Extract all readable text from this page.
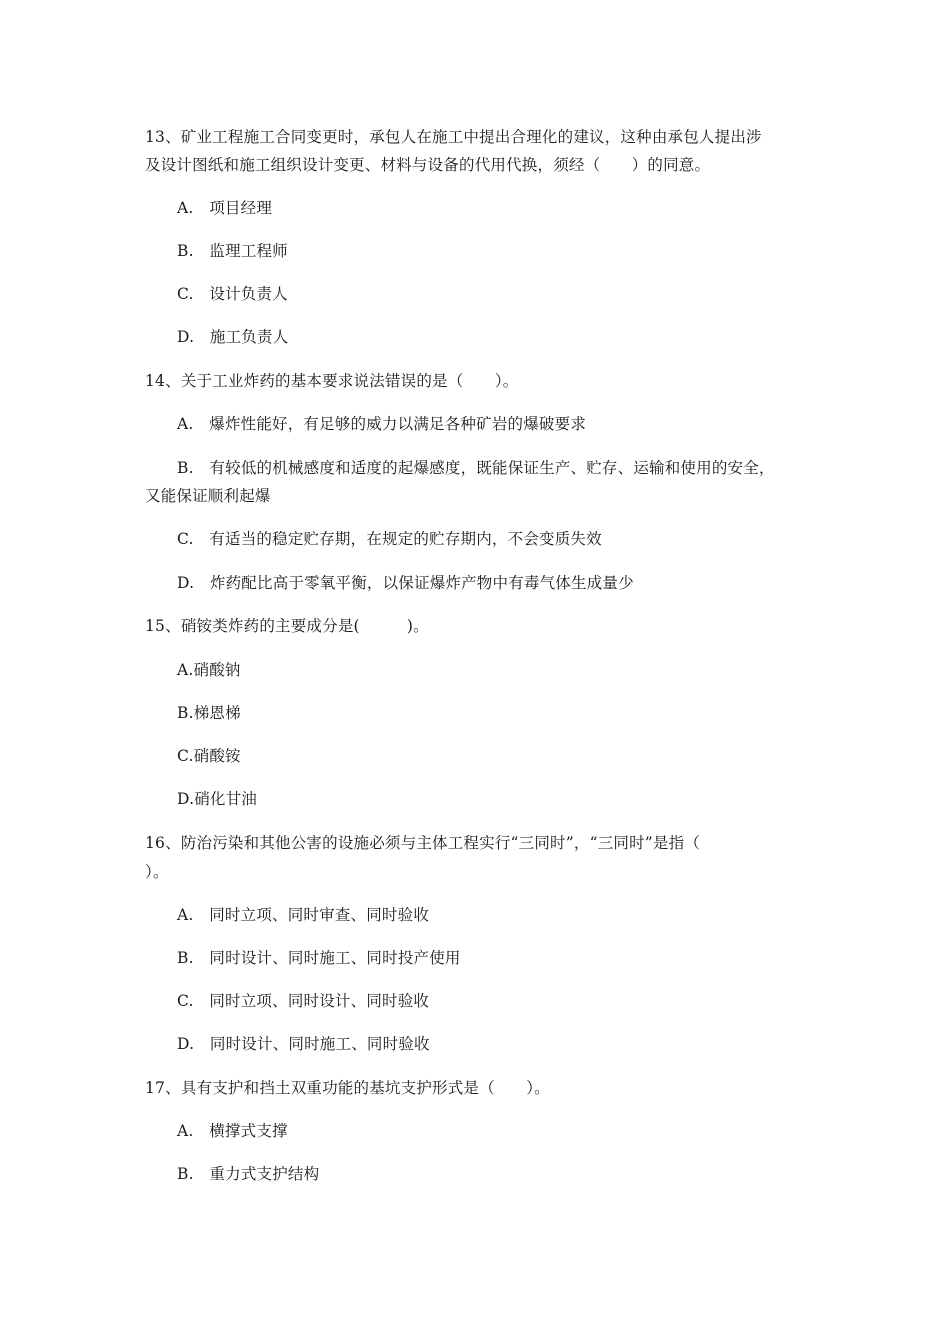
13、矿业工程施工合同变更时，承包人在施工中提出合理化的建议，这种由承包人提出涉
及设计图纸和施工组织设计变更、材料与设备的代用代换，须经（　　）的同意。
A.　项目经理
B.　监理工程师
C.　设计负责人
D.　施工负责人
14、关于工业炸药的基本要求说法错误的是（　　）。
A.　爆炸性能好，有足够的威力以满足各种矿岩的爆破要求
B.　有较低的机械感度和适度的起爆感度，既能保证生产、贮存、运输和使用的安全，
又能保证顺利起爆
C.　有适当的稳定贮存期，在规定的贮存期内，不会变质失效
D.　炸药配比高于零氧平衡，以保证爆炸产物中有毒气体生成量少
15、硝铵类炸药的主要成分是(　　　)。
A.硝酸钠
B.梯恩梯
C.硝酸铵
D.硝化甘油
16、防治污染和其他公害的设施必须与主体工程实行“三同时”，“三同时”是指（
）。
A.　同时立项、同时审查、同时验收
B.　同时设计、同时施工、同时投产使用
C.　同时立项、同时设计、同时验收
D.　同时设计、同时施工、同时验收
17、具有支护和挡土双重功能的基坑支护形式是（　　）。
A.　横撑式支撑
B.　重力式支护结构
